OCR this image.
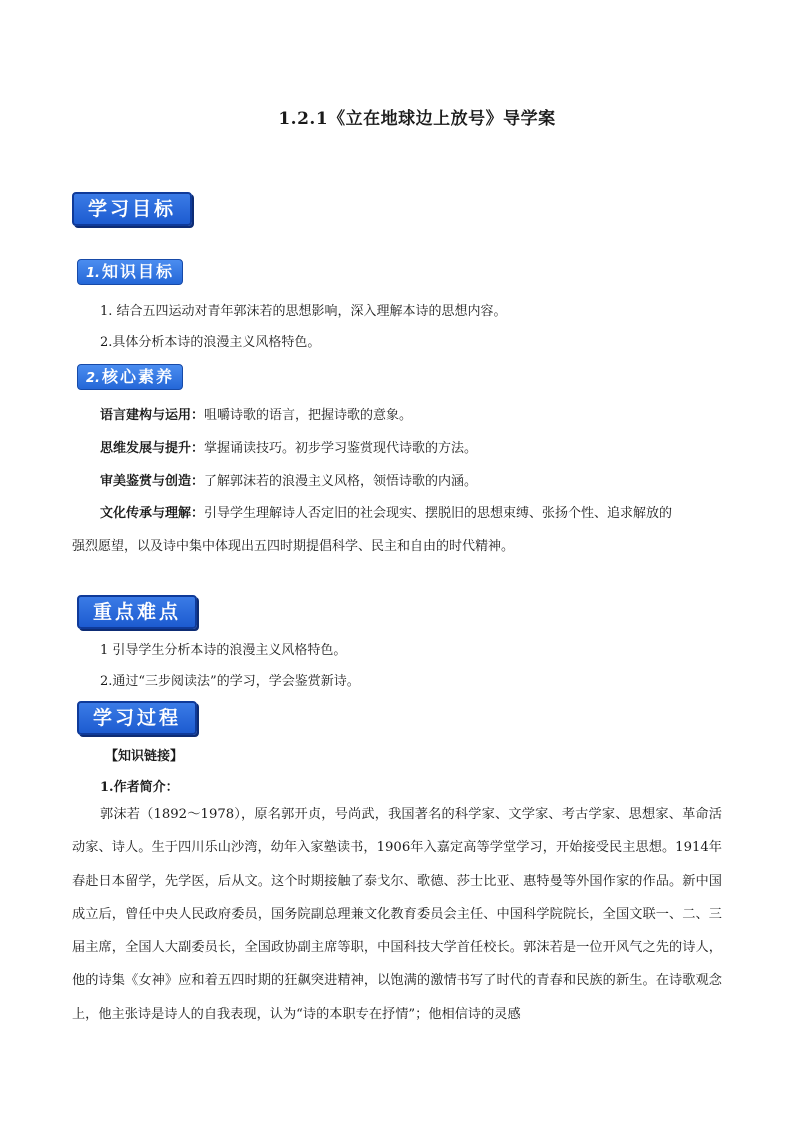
1.2.1《立在地球边上放号》导学案
学习目标
1. 知识目标
1. 结合五四运动对青年郭沫若的思想影响，深入理解本诗的思想内容。
2.具体分析本诗的浪漫主义风格特色。
2. 核心素养
语言建构与运用：咀嚼诗歌的语言，把握诗歌的意象。
思维发展与提升：掌握诵读技巧。初步学习鉴赏现代诗歌的方法。
审美鉴赏与创造：了解郭沫若的浪漫主义风格，领悟诗歌的内涵。
文化传承与理解：引导学生理解诗人否定旧的社会现实、摆脱旧的思想束缚、张扬个性、追求解放的
强烈愿望，以及诗中集中体现出五四时期提倡科学、民主和自由的时代精神。
重点难点
1 引导学生分析本诗的浪漫主义风格特色。
2.通过“三步阅读法”的学习，学会鉴赏新诗。
学习过程
【知识链接】
1.作者简介：
郭沫若（1892～1978），原名郭开贞，号尚武，我国著名的科学家、文学家、考古学家、思想家、革命活动家、诗人。生于四川乐山沙湾，幼年入家塾读书，1906年入嘉定高等学堂学习，开始接受民主思想。1914年春赴日本留学，先学医，后从文。这个时期接触了泰戈尔、歌德、莎士比亚、惠特曼等外国作家的作品。新中国成立后，曾任中央人民政府委员，国务院副总理兼文化教育委员会主任、中国科学院院长，全国文联一、二、三届主席，全国人大副委员长，全国政协副主席等职，中国科技大学首任校长。郭沫若是一位开风气之先的诗人，他的诗集《女神》应和着五四时期的狂飙突进精神，以饱满的激情书写了时代的青春和民族的新生。在诗歌观念上，他主张诗是诗人的自我表现，认为“诗的本职专在抒情”；他相信诗的灵感
